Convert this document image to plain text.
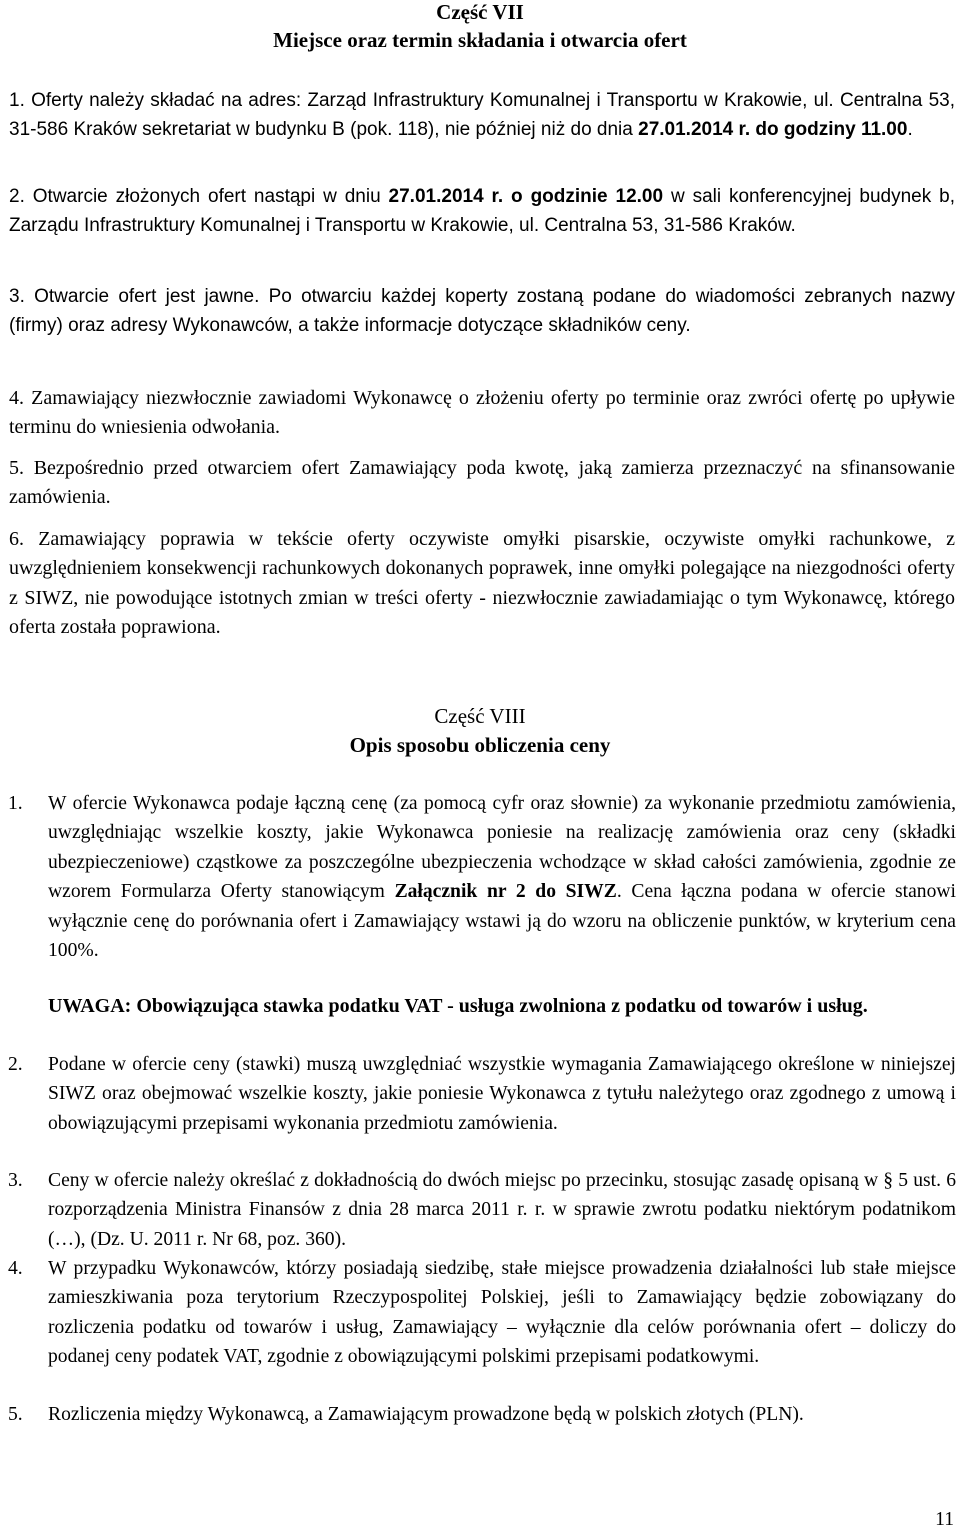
Część VII

Miejsce oraz termin składania i otwarcia ofert

1. Oferty należy składać na adres: Zarząd Infrastruktury Komunalnej i Transportu w Krakowie, ul. Centralna 53, 31-586 Kraków sekretariat w budynku B (pok. 118), nie później niż do dnia 27.01.2014 r. do godziny 11.00.

2. Otwarcie złożonych ofert nastąpi w dniu 27.01.2014 r. o godzinie 12.00 w sali konferencyjnej budynek b, Zarządu Infrastruktury Komunalnej i Transportu w Krakowie, ul. Centralna 53, 31-586 Kraków.

3. Otwarcie ofert jest jawne. Po otwarciu każdej koperty zostaną podane do wiadomości zebranych nazwy (firmy) oraz adresy Wykonawców, a także informacje dotyczące składników ceny.

4. Zamawiający niezwłocznie zawiadomi Wykonawcę o złożeniu oferty po terminie oraz zwróci ofertę po upływie terminu do wniesienia odwołania.

5. Bezpośrednio przed otwarciem ofert Zamawiający poda kwotę, jaką zamierza przeznaczyć na sfinansowanie zamówienia.

6. Zamawiający poprawia w tekście oferty oczywiste omyłki pisarskie, oczywiste omyłki rachunkowe, z uwzględnieniem konsekwencji rachunkowych dokonanych poprawek, inne omyłki polegające na niezgodności oferty z SIWZ, nie powodujące istotnych zmian w treści oferty - niezwłocznie zawiadamiając o tym Wykonawcę, którego oferta została poprawiona.

Część VIII

Opis sposobu obliczenia ceny

1. W ofercie Wykonawca podaje łączną cenę (za pomocą cyfr oraz słownie) za wykonanie przedmiotu zamówienia, uwzględniając wszelkie koszty, jakie Wykonawca poniesie na realizację zamówienia oraz ceny (składki ubezpieczeniowe) cząstkowe za poszczególne ubezpieczenia wchodzące w skład całości zamówienia, zgodnie ze wzorem Formularza Oferty stanowiącym Załącznik nr 2 do SIWZ. Cena łączna podana w ofercie stanowi wyłącznie cenę do porównania ofert i Zamawiający wstawi ją do wzoru na obliczenie punktów, w kryterium cena 100%.

UWAGA: Obowiązująca stawka podatku VAT - usługa zwolniona z podatku od towarów i usług.

2. Podane w ofercie ceny (stawki) muszą uwzględniać wszystkie wymagania Zamawiającego określone w niniejszej SIWZ oraz obejmować wszelkie koszty, jakie poniesie Wykonawca z tytułu należytego oraz zgodnego z umową i obowiązującymi przepisami wykonania przedmiotu zamówienia.

3. Ceny w ofercie należy określać z dokładnością do dwóch miejsc po przecinku, stosując zasadę opisaną w § 5 ust. 6 rozporządzenia Ministra Finansów z dnia 28 marca 2011 r. r. w sprawie zwrotu podatku niektórym podatnikom (…), (Dz. U. 2011 r. Nr 68, poz. 360).

4. W przypadku Wykonawców, którzy posiadają siedzibę, stałe miejsce prowadzenia działalności lub stałe miejsce zamieszkiwania poza terytorium Rzeczypospolitej Polskiej, jeśli to Zamawiający będzie zobowiązany do rozliczenia podatku od towarów i usług, Zamawiający – wyłącznie dla celów porównania ofert – doliczy do podanej ceny podatek VAT, zgodnie z obowiązującymi polskimi przepisami podatkowymi.

5. Rozliczenia między Wykonawcą, a Zamawiającym prowadzone będą w polskich złotych (PLN).

11
